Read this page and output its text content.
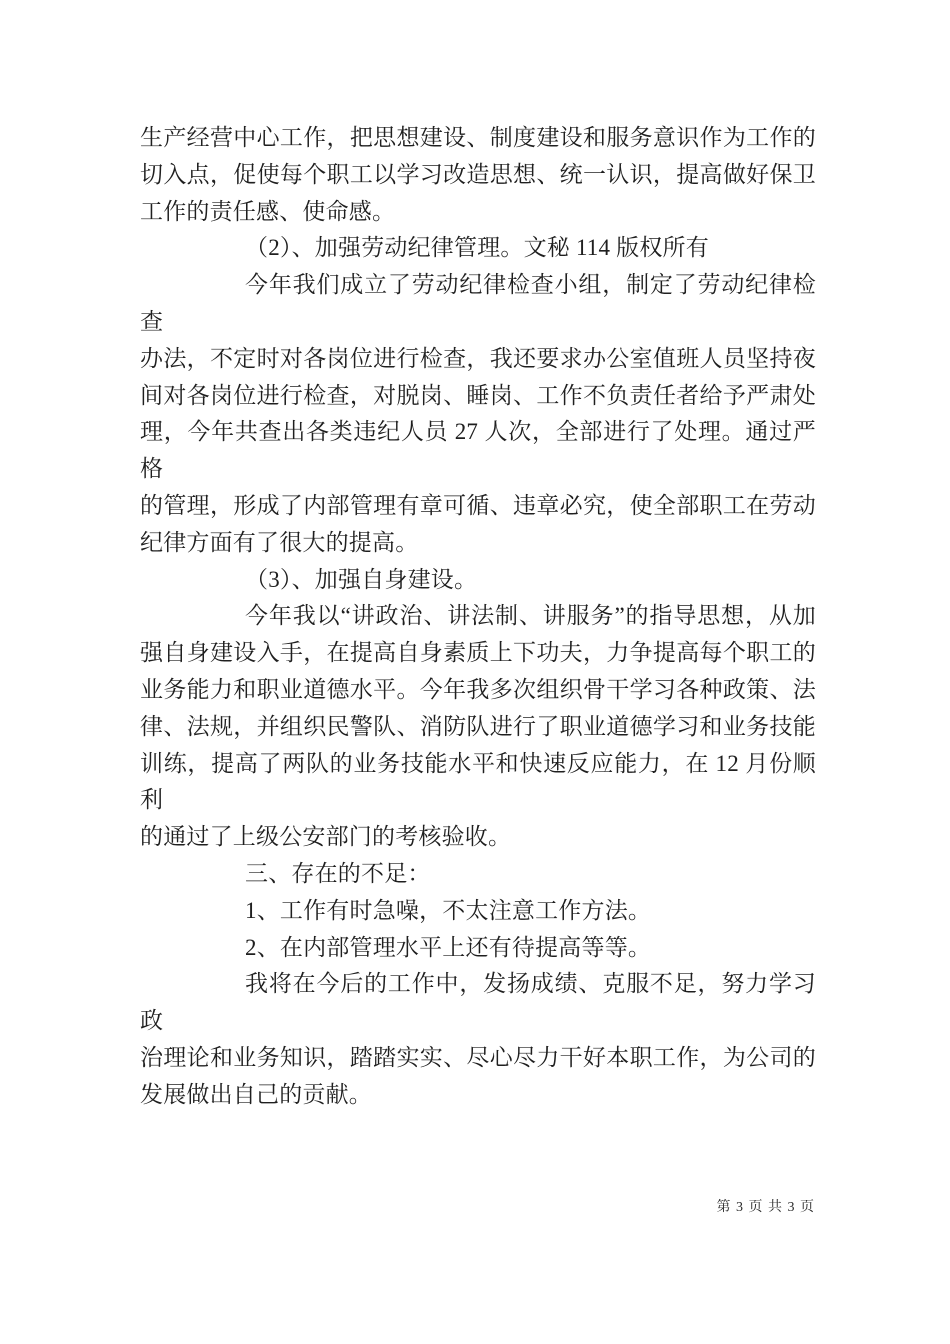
生产经营中心工作，把思想建设、制度建设和服务意识作为工作的
切入点，促使每个职工以学习改造思想、统一认识，提高做好保卫
工作的责任感、使命感。
（2）、加强劳动纪律管理。文秘 114 版权所有
今年我们成立了劳动纪律检查小组，制定了劳动纪律检查
办法，不定时对各岗位进行检查，我还要求办公室值班人员坚持夜
间对各岗位进行检查，对脱岗、睡岗、工作不负责任者给予严肃处
理，今年共查出各类违纪人员 27 人次，全部进行了处理。通过严格
的管理，形成了内部管理有章可循、违章必究，使全部职工在劳动
纪律方面有了很大的提高。
（3）、加强自身建设。
今年我以“讲政治、讲法制、讲服务”的指导思想，从加
强自身建设入手，在提高自身素质上下功夫，力争提高每个职工的
业务能力和职业道德水平。今年我多次组织骨干学习各种政策、法
律、法规，并组织民警队、消防队进行了职业道德学习和业务技能
训练，提高了两队的业务技能水平和快速反应能力，在 12 月份顺利
的通过了上级公安部门的考核验收。
三、存在的不足：
1、工作有时急噪，不太注意工作方法。
2、在内部管理水平上还有待提高等等。
我将在今后的工作中，发扬成绩、克服不足，努力学习政
治理论和业务知识，踏踏实实、尽心尽力干好本职工作，为公司的
发展做出自己的贡献。
第 3 页 共 3 页
